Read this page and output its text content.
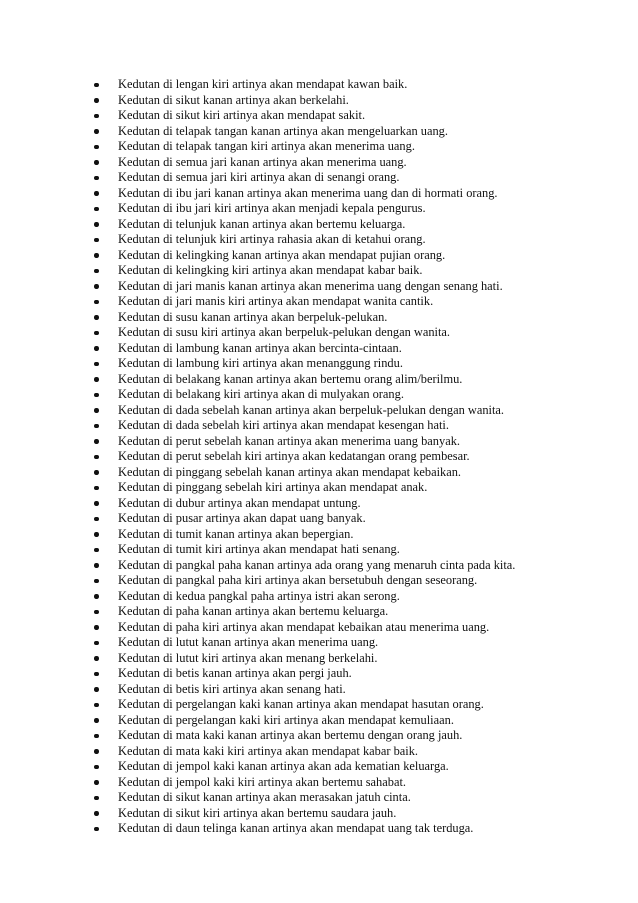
Kedutan di lengan kiri artinya akan mendapat kawan baik.
Kedutan di sikut kanan artinya akan berkelahi.
Kedutan di sikut kiri artinya akan mendapat sakit.
Kedutan di telapak tangan kanan artinya akan mengeluarkan uang.
Kedutan di telapak tangan kiri artinya akan menerima uang.
Kedutan di semua jari kanan artinya akan menerima uang.
Kedutan di semua jari kiri artinya akan di senangi orang.
Kedutan di ibu jari kanan artinya akan menerima uang dan di hormati orang.
Kedutan di ibu jari kiri artinya akan menjadi kepala pengurus.
Kedutan di telunjuk kanan artinya akan bertemu keluarga.
Kedutan di telunjuk kiri artinya rahasia akan di ketahui orang.
Kedutan di kelingking kanan artinya akan mendapat pujian orang.
Kedutan di kelingking kiri artinya akan mendapat kabar baik.
Kedutan di jari manis kanan artinya akan menerima uang dengan senang hati.
Kedutan di jari manis kiri artinya akan mendapat wanita cantik.
Kedutan di susu kanan artinya akan berpeluk-pelukan.
Kedutan di susu kiri artinya akan berpeluk-pelukan dengan wanita.
Kedutan di lambung kanan artinya akan bercinta-cintaan.
Kedutan di lambung kiri artinya akan menanggung rindu.
Kedutan di belakang kanan artinya akan bertemu orang alim/berilmu.
Kedutan di belakang kiri artinya akan di mulyakan orang.
Kedutan di dada sebelah kanan artinya akan berpeluk-pelukan dengan wanita.
Kedutan di dada sebelah kiri artinya akan mendapat kesengan hati.
Kedutan di perut sebelah kanan artinya akan menerima uang banyak.
Kedutan di perut sebelah kiri artinya akan kedatangan orang pembesar.
Kedutan di pinggang sebelah kanan artinya akan mendapat kebaikan.
Kedutan di pinggang sebelah kiri artinya akan mendapat anak.
Kedutan di dubur artinya akan mendapat untung.
Kedutan di pusar artinya akan dapat uang banyak.
Kedutan di tumit kanan artinya akan bepergian.
Kedutan di tumit kiri artinya akan mendapat hati senang.
Kedutan di pangkal paha kanan artinya ada orang yang menaruh cinta pada kita.
Kedutan di pangkal paha kiri artinya akan bersetubuh dengan seseorang.
Kedutan di kedua pangkal paha artinya istri akan serong.
Kedutan di paha kanan artinya akan bertemu keluarga.
Kedutan di paha kiri artinya akan mendapat kebaikan atau menerima uang.
Kedutan di lutut kanan artinya akan menerima uang.
Kedutan di lutut kiri artinya akan menang berkelahi.
Kedutan di betis kanan artinya akan pergi jauh.
Kedutan di betis kiri artinya akan senang hati.
Kedutan di pergelangan kaki kanan artinya akan mendapat hasutan orang.
Kedutan di pergelangan kaki kiri artinya akan mendapat kemuliaan.
Kedutan di mata kaki kanan artinya akan bertemu dengan orang jauh.
Kedutan di mata kaki kiri artinya akan mendapat kabar baik.
Kedutan di jempol kaki kanan artinya akan ada kematian keluarga.
Kedutan di jempol kaki kiri artinya akan bertemu sahabat.
Kedutan di sikut kanan artinya akan merasakan jatuh cinta.
Kedutan di sikut kiri artinya akan bertemu saudara jauh.
Kedutan di daun telinga kanan artinya akan mendapat uang tak terduga.
